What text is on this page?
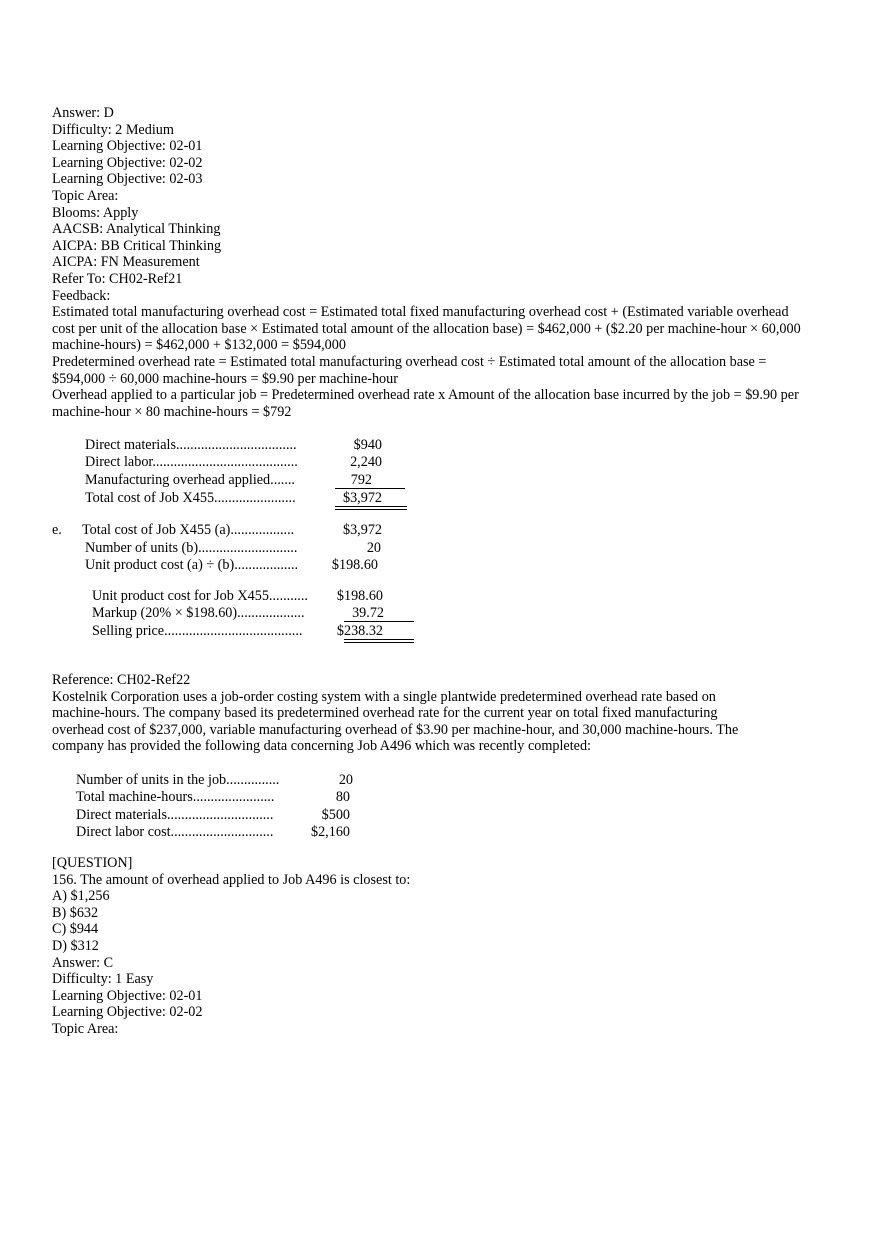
Answer: D
Difficulty: 2 Medium
Learning Objective: 02-01
Learning Objective: 02-02
Learning Objective: 02-03
Topic Area:
Blooms: Apply
AACSB: Analytical Thinking
AICPA: BB Critical Thinking
AICPA: FN Measurement
Refer To: CH02-Ref21
Feedback:
Estimated total manufacturing overhead cost = Estimated total fixed manufacturing overhead cost + (Estimated variable overhead cost per unit of the allocation base × Estimated total amount of the allocation base) = $462,000 + ($2.20 per machine-hour × 60,000 machine-hours) = $462,000 + $132,000 = $594,000
Predetermined overhead rate = Estimated total manufacturing overhead cost ÷ Estimated total amount of the allocation base = $594,000 ÷ 60,000 machine-hours = $9.90 per machine-hour
Overhead applied to a particular job = Predetermined overhead rate x Amount of the allocation base incurred by the job = $9.90 per machine-hour × 80 machine-hours = $792
Direct materials..................................	$940
Direct labor.........................................	2,240
Manufacturing overhead applied.......	792
Total cost of Job X455.......................	$3,972
e. Total cost of Job X455 (a)..................	$3,972
Number of units (b)............................	20
Unit product cost (a) ÷ (b).................. $198.60
Unit product cost for Job X455........... $198.60
Markup (20% × $198.60)...................	39.72
Selling price....................................... $238.32
Reference: CH02-Ref22
Kostelnik Corporation uses a job-order costing system with a single plantwide predetermined overhead rate based on machine-hours. The company based its predetermined overhead rate for the current year on total fixed manufacturing overhead cost of $237,000, variable manufacturing overhead of $3.90 per machine-hour, and 30,000 machine-hours. The company has provided the following data concerning Job A496 which was recently completed:
Number of units in the job...............	20
Total machine-hours.......................	80
Direct materials..............................	$500
Direct labor cost.............................	$2,160
[QUESTION]
156. The amount of overhead applied to Job A496 is closest to:
A) $1,256
B) $632
C) $944
D) $312
Answer: C
Difficulty: 1 Easy
Learning Objective: 02-01
Learning Objective: 02-02
Topic Area:
